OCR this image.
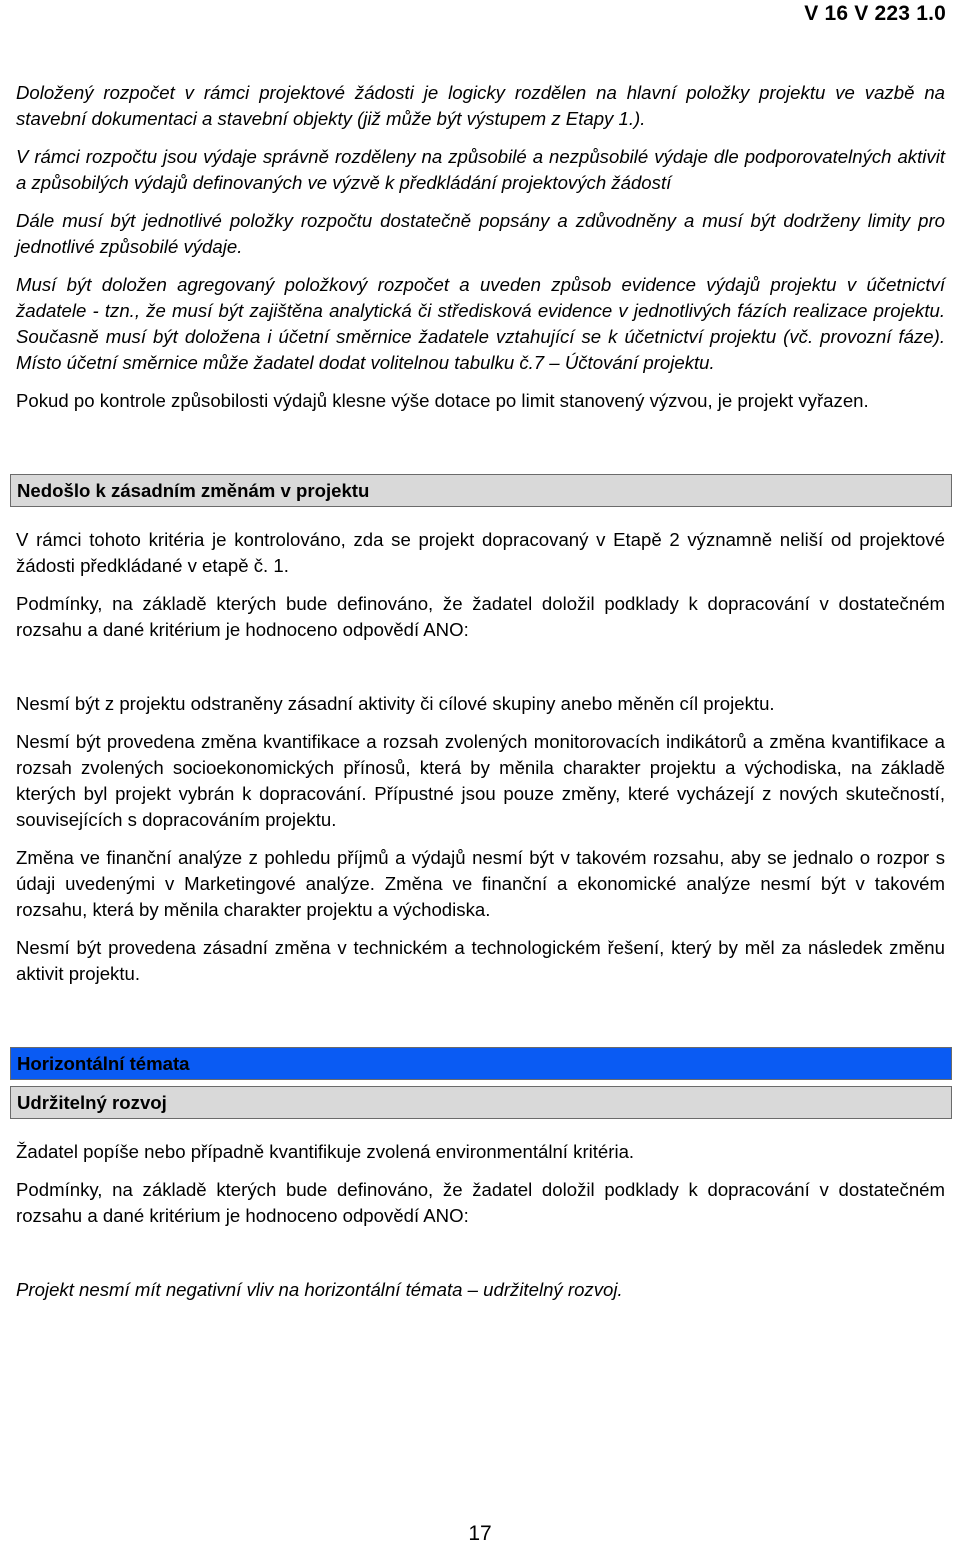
V 16 V 223 1.0

Doložený rozpočet v rámci projektové žádosti je logicky rozdělen na hlavní položky projektu ve vazbě na stavební dokumentaci a stavební objekty (již může být výstupem z Etapy 1.).

V rámci rozpočtu jsou výdaje správně rozděleny na způsobilé a nezpůsobilé výdaje dle podporovatelných aktivit a způsobilých výdajů definovaných ve výzvě k předkládání projektových žádostí

Dále musí být jednotlivé položky rozpočtu dostatečně popsány a zdůvodněny a musí být dodrženy limity pro jednotlivé způsobilé výdaje.

Musí být doložen agregovaný položkový rozpočet a uveden způsob evidence výdajů projektu v účetnictví žadatele - tzn., že musí být zajištěna analytická či středisková evidence v jednotlivých fázích realizace projektu. Současně musí být doložena i účetní směrnice žadatele vztahující se k účetnictví projektu (vč. provozní fáze). Místo účetní směrnice může žadatel dodat volitelnou tabulku č.7 – Účtování projektu.

Pokud po kontrole způsobilosti výdajů klesne výše dotace po limit stanovený výzvou, je projekt vyřazen.

Nedošlo k zásadním změnám v projektu

V rámci tohoto kritéria je kontrolováno, zda se projekt dopracovaný v Etapě 2 významně neliší od projektové žádosti předkládané v etapě č. 1.

Podmínky, na základě kterých bude definováno, že žadatel doložil podklady k dopracování v dostatečném rozsahu a dané kritérium je hodnoceno odpovědí ANO:

Nesmí být z projektu odstraněny zásadní aktivity či cílové skupiny anebo měněn cíl projektu.

Nesmí být provedena změna kvantifikace a rozsah zvolených monitorovacích indikátorů a změna kvantifikace a rozsah zvolených socioekonomických přínosů, která by měnila charakter projektu a východiska, na základě kterých byl projekt vybrán k dopracování. Přípustné jsou pouze změny, které vycházejí z nových skutečností, souvisejících s dopracováním projektu.

Změna ve finanční analýze z pohledu příjmů a výdajů nesmí být v takovém rozsahu, aby se jednalo o rozpor s údaji uvedenými v Marketingové analýze. Změna ve finanční a ekonomické analýze nesmí být v takovém rozsahu, která by měnila charakter projektu a východiska.

Nesmí být provedena zásadní změna v technickém a technologickém řešení, který by měl za následek změnu aktivit projektu.

Horizontální témata
Udržitelný rozvoj

Žadatel popíše nebo případně kvantifikuje zvolená environmentální kritéria.

Podmínky, na základě kterých bude definováno, že žadatel doložil podklady k dopracování v dostatečném rozsahu a dané kritérium je hodnoceno odpovědí ANO:

Projekt nesmí mít negativní vliv na horizontální témata – udržitelný rozvoj.

17
